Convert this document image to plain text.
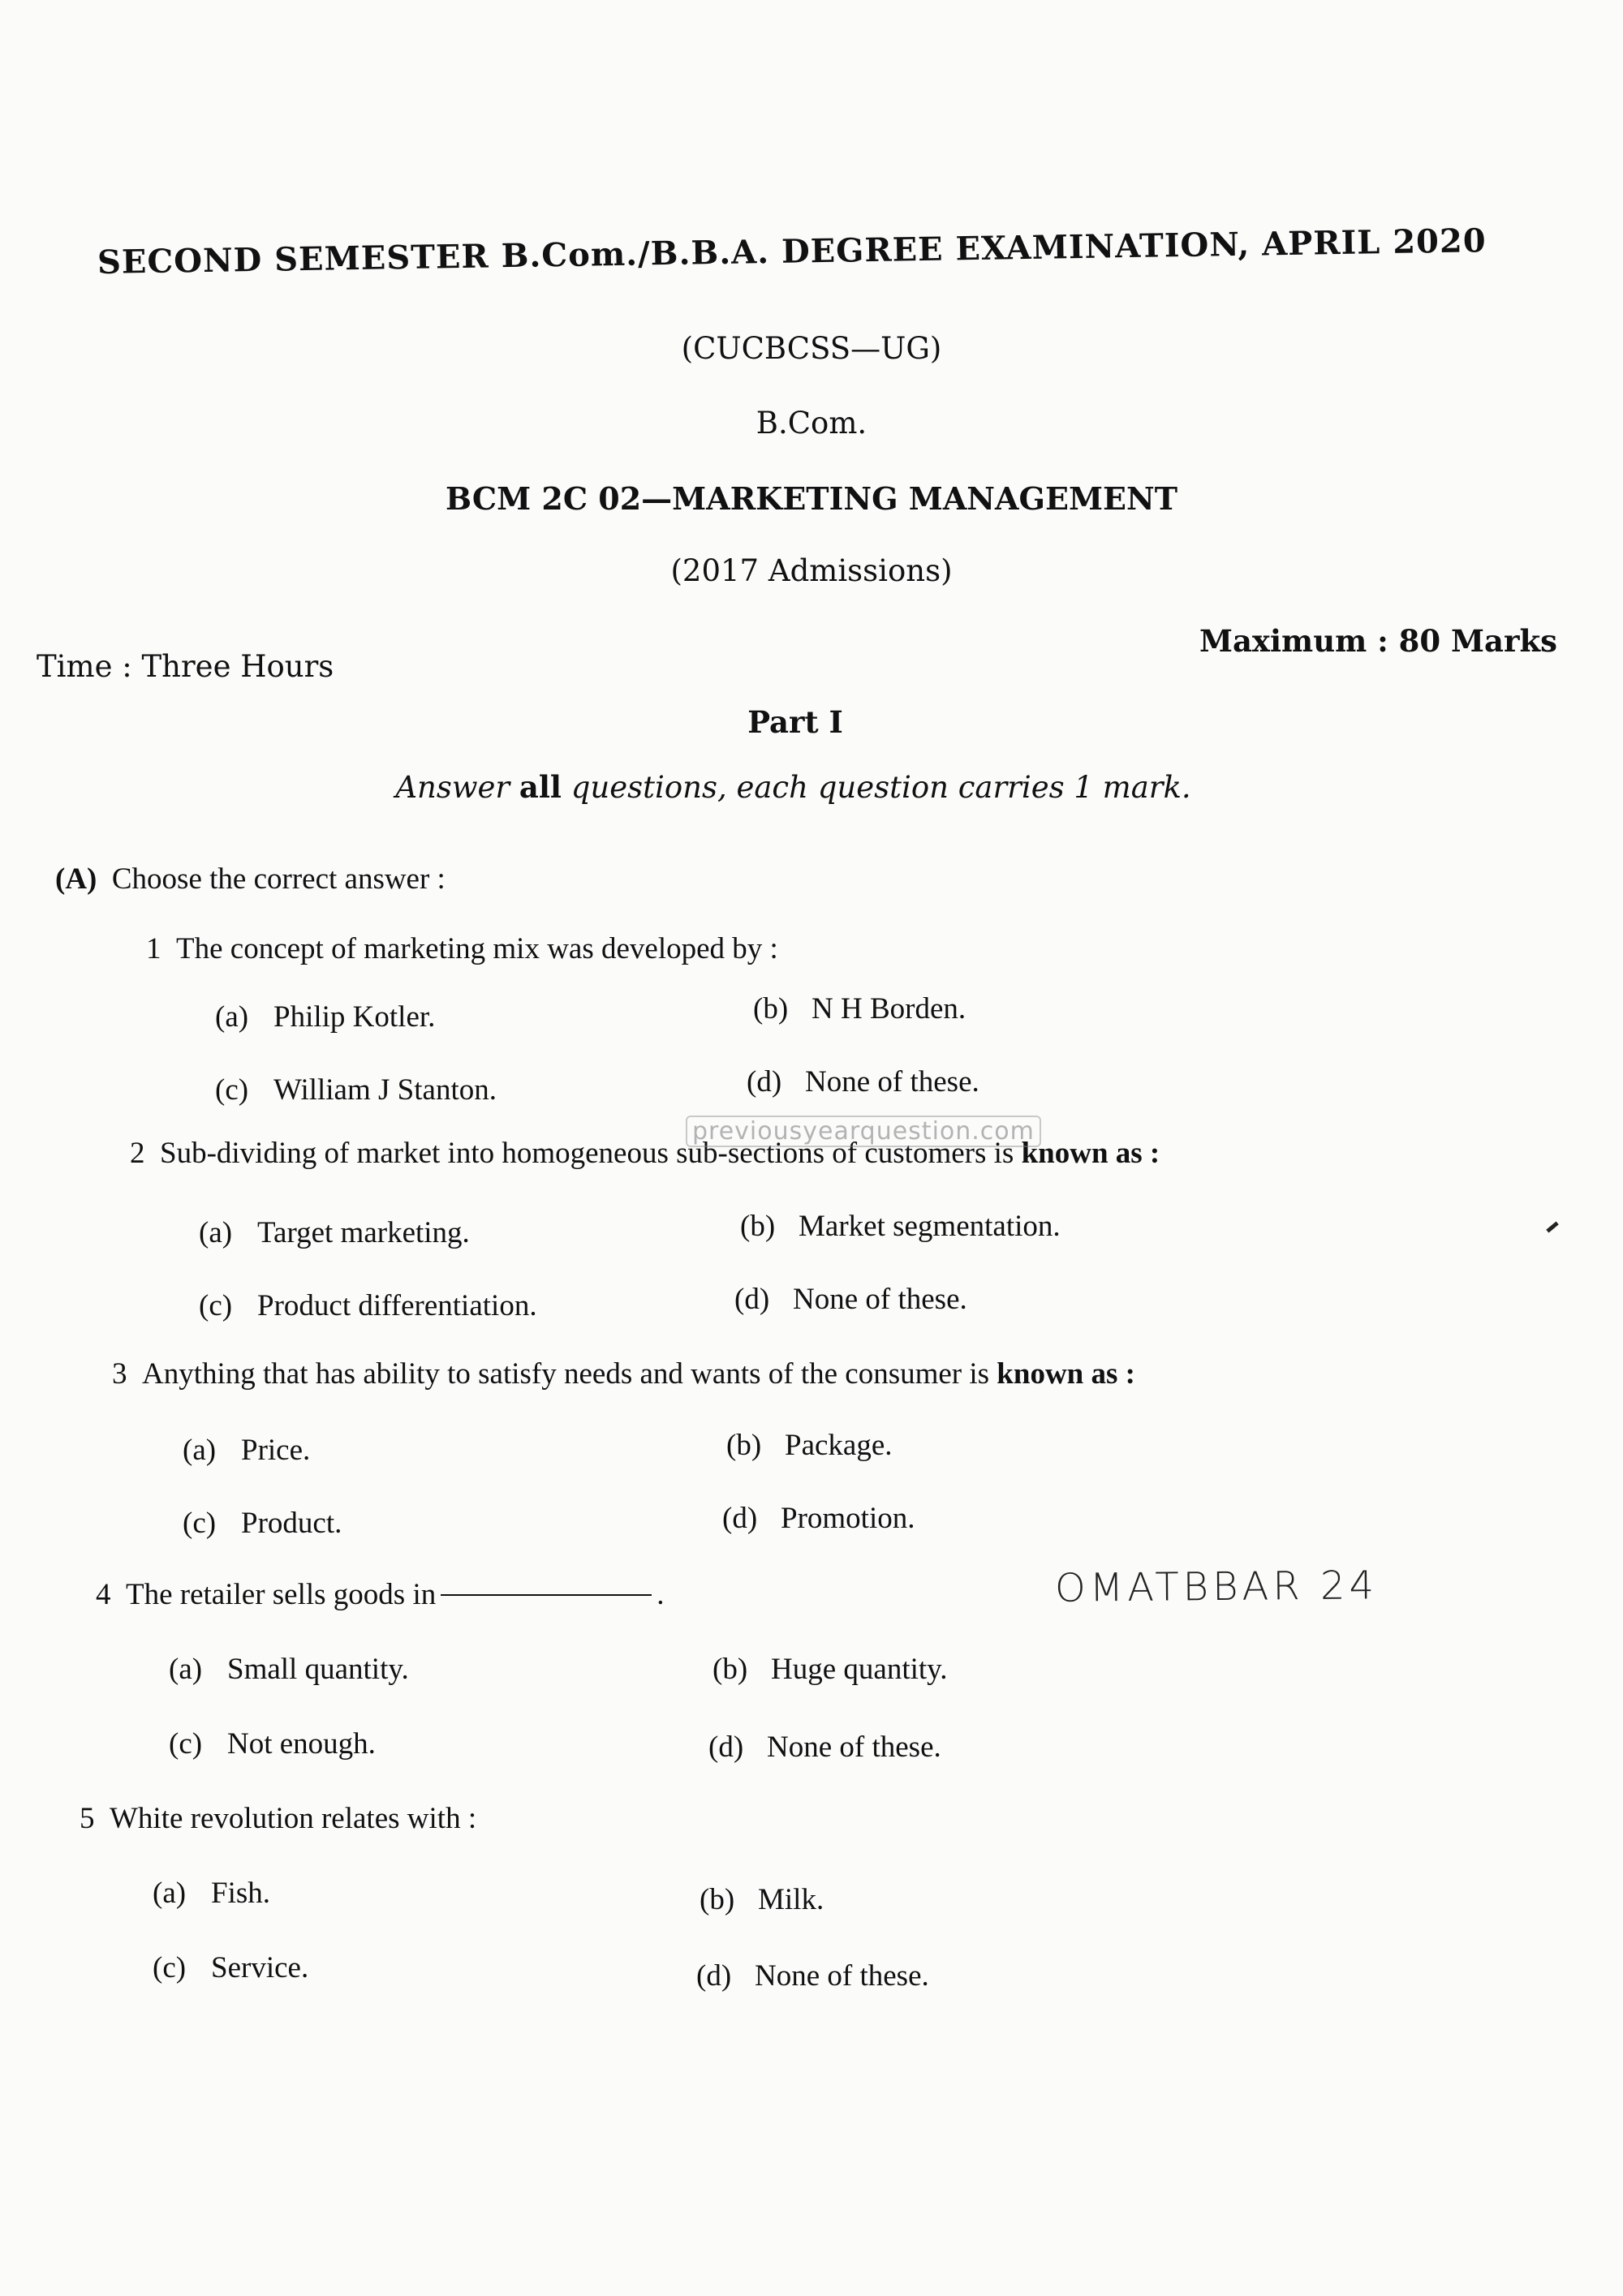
SECOND SEMESTER B.Com./B.B.A. DEGREE EXAMINATION, APRIL 2020
(CUCBCSS—UG)
B.Com.
BCM 2C 02—MARKETING MANAGEMENT
(2017 Admissions)
Time : Three Hours
Maximum : 80 Marks
Part I
Answer all questions, each question carries 1 mark.
(A) Choose the correct answer :
1 The concept of marketing mix was developed by :
(a) Philip Kotler.	(b) N H Borden.
(c) William J Stanton.	(d) None of these.
2 Sub-dividing of market into homogeneous sub-sections of customers is known as :
(a) Target marketing.	(b) Market segmentation.
(c) Product differentiation.	(d) None of these.
3 Anything that has ability to satisfy needs and wants of the consumer is known as :
(a) Price.	(b) Package.
(c) Product.	(d) Promotion.
4 The retailer sells goods in	.	OMATBBAR 24
(a) Small quantity.	(b) Huge quantity.
(c) Not enough.	(d) None of these.
5 White revolution relates with :
(a) Fish.	(b) Milk.
(c) Service.	(d) None of these.
previousyearquestion.com
